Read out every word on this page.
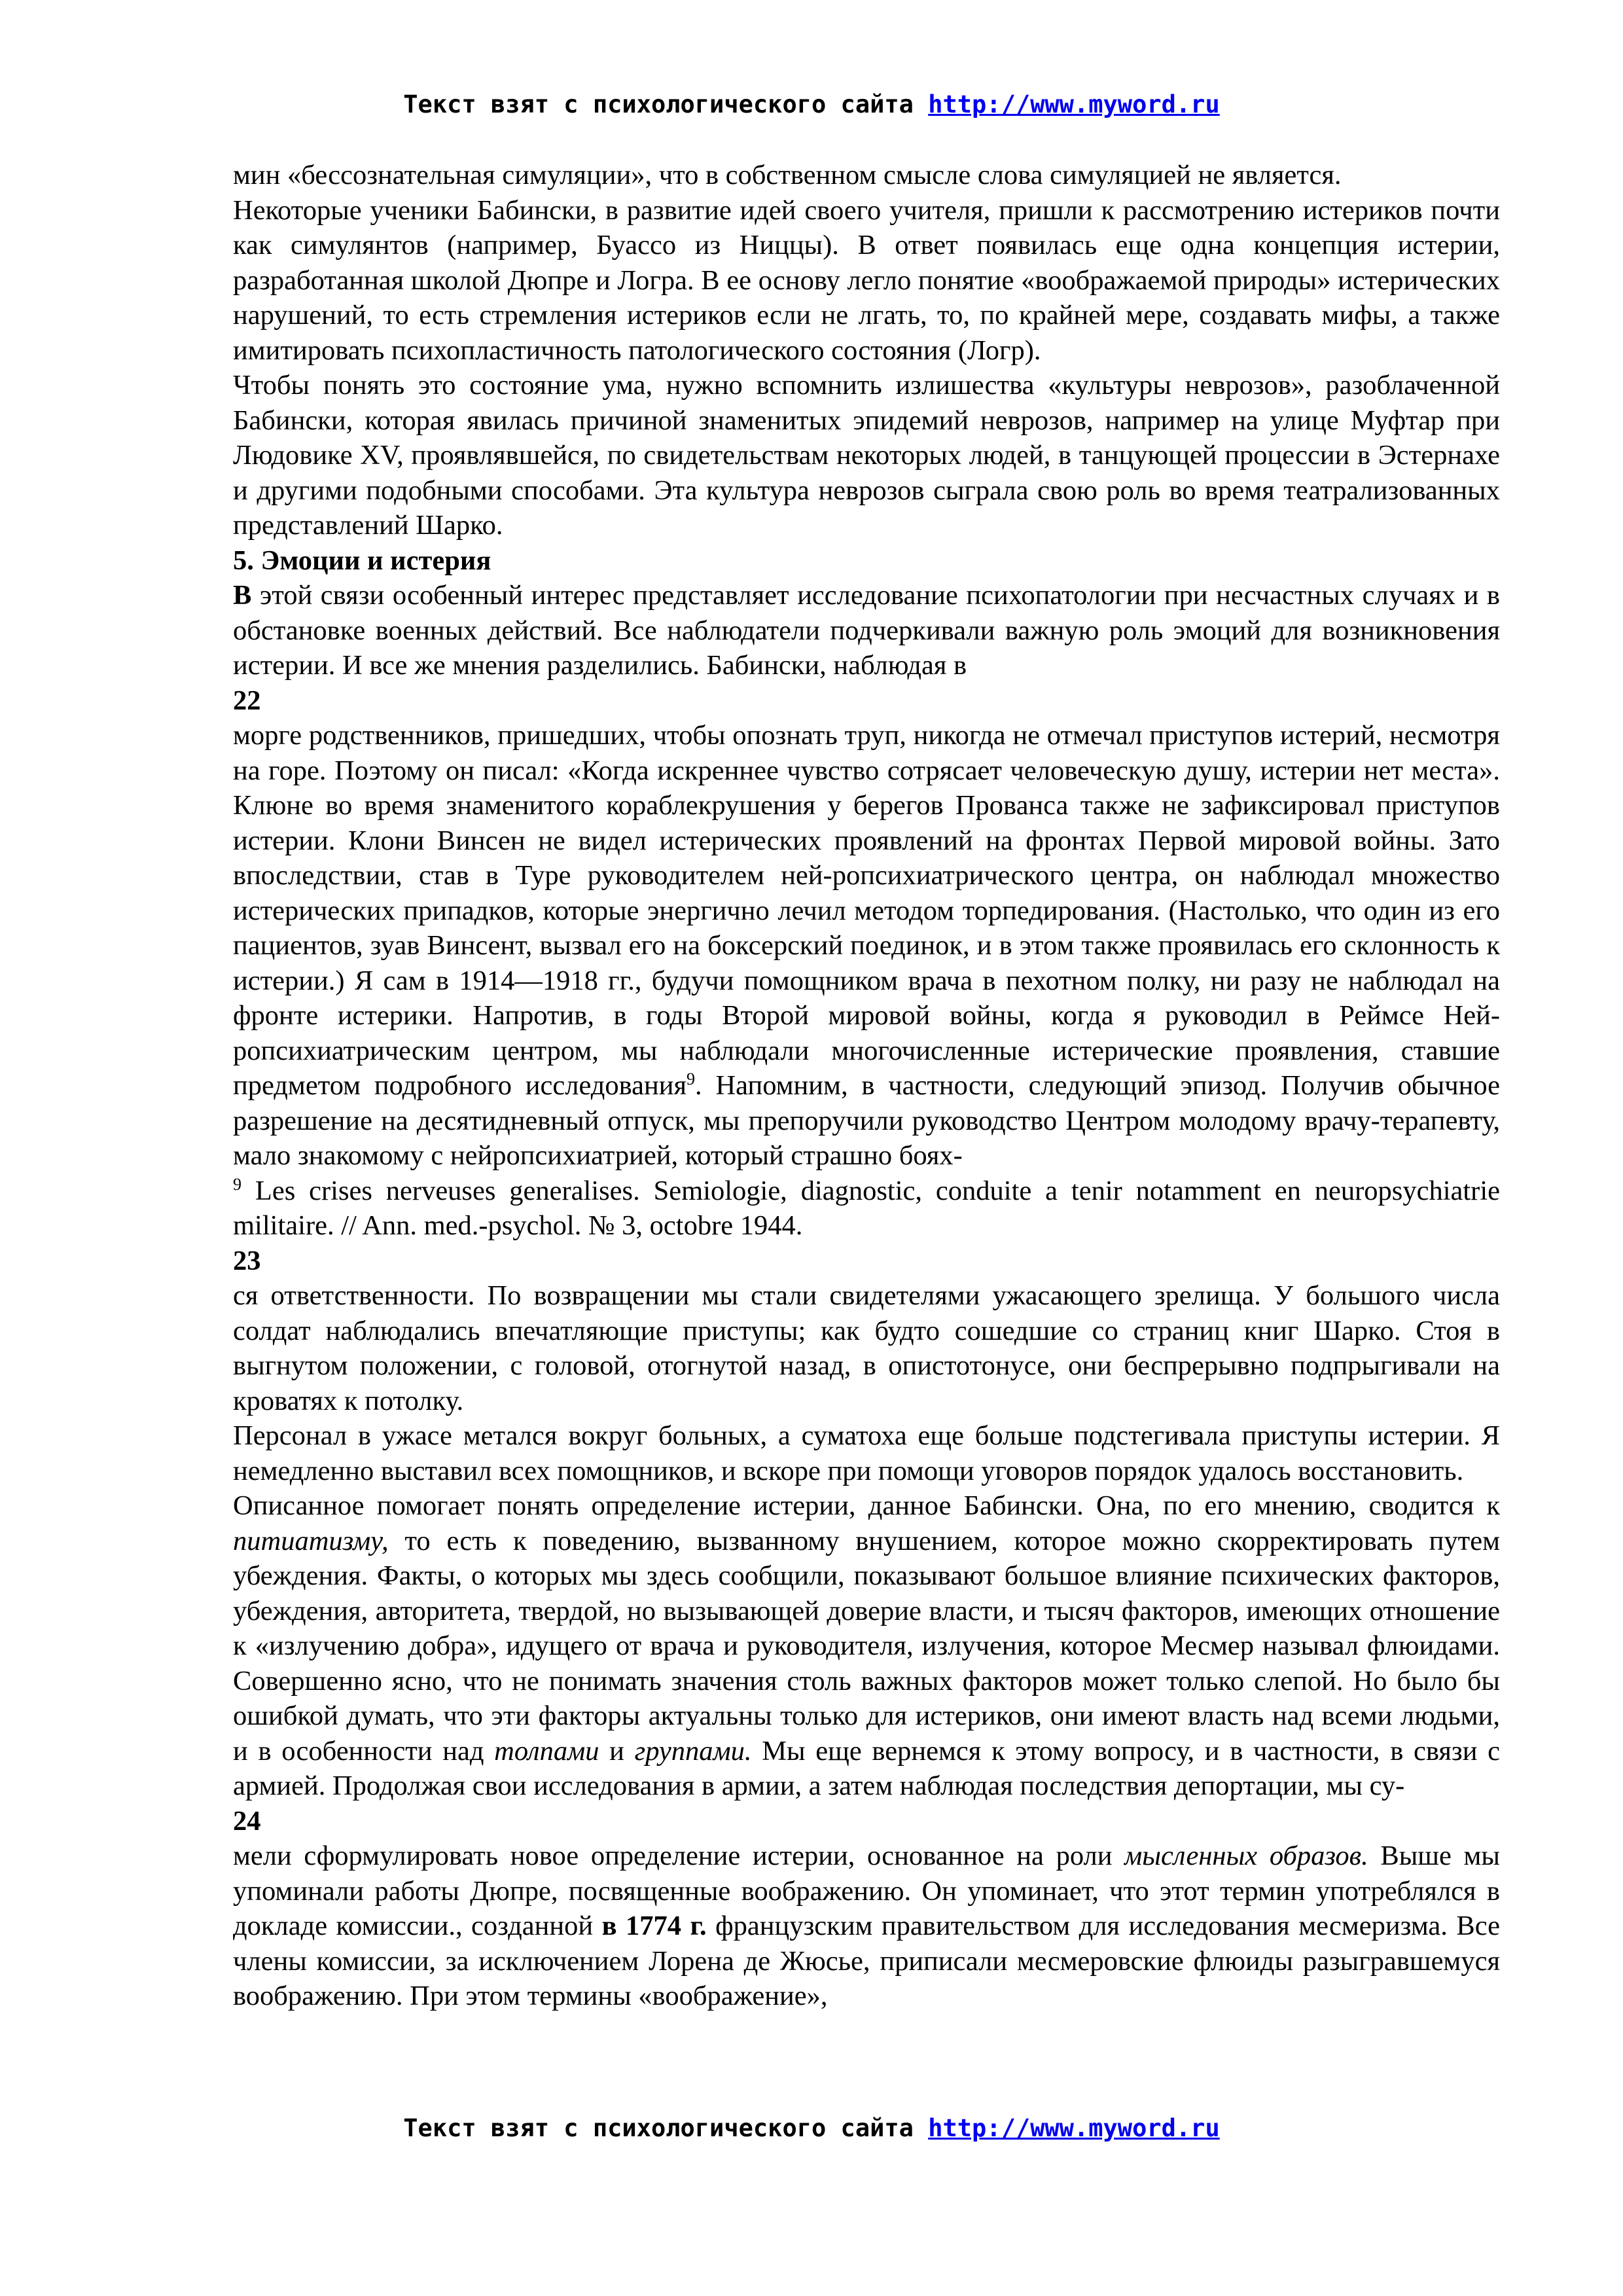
Текст взят с психологического сайта http://www.myword.ru

мин «бессознательная симуляции», что в собственном смысле слова симуляцией не является.

Некоторые ученики Бабински, в развитие идей своего учителя, пришли к рассмотрению истериков почти как симулянтов (например, Буассо из Ниццы). В ответ появилась еще одна концепция истерии, разработанная школой Дюпре и Логра. В ее основу легло понятие «воображаемой природы» истерических нарушений, то есть стремления истериков если не лгать, то, по крайней мере, создавать мифы, а также имитировать психопластичность патологического состояния (Логр).

Чтобы понять это состояние ума, нужно вспомнить излишества «культуры неврозов», разоблаченной Бабински, которая явилась причиной знаменитых эпидемий неврозов, например на улице Муфтар при Людовике XV, проявлявшейся, по свидетельствам некоторых людей, в танцующей процессии в Эстернахе и другими подобными способами. Эта культура неврозов сыграла свою роль во время театрализованных представлений Шарко.

5. Эмоции и истерия

В этой связи особенный интерес представляет исследование психопатологии при несчастных случаях и в обстановке военных действий. Все наблюдатели подчеркивали важную роль эмоций для возникновения истерии. И все же мнения разделились. Бабински, наблюдая в

22

морге родственников, пришедших, чтобы опознать труп, никогда не отмечал приступов истерий, несмотря на горе. Поэтому он писал: «Когда искреннее чувство сотрясает человеческую душу, истерии нет места». Клюне во время знаменитого кораблекрушения у берегов Прованса также не зафиксировал приступов истерии. Клони Винсен не видел истерических проявлений на фронтах Первой мировой войны. Зато впоследствии, став в Туре руководителем ней-ропсихиатрического центра, он наблюдал множество истерических припадков, которые энергично лечил методом торпедирования. (Настолько, что один из его пациентов, зуав Винсент, вызвал его на боксерский поединок, и в этом также проявилась его склонность к истерии.) Я сам в 1914—1918 гг., будучи помощником врача в пехотном полку, ни разу не наблюдал на фронте истерики. Напротив, в годы Второй мировой войны, когда я руководил в Реймсе Ней-ропсихиатрическим центром, мы наблюдали многочисленные истерические проявления, ставшие предметом подробного исследования$^9$. Напомним, в частности, следующий эпизод. Получив обычное разрешение на десятидневный отпуск, мы препоручили руководство Центром молодому врачу-терапевту, мало знакомому с нейропсихиатрией, который страшно боях-

$^9$ Les crises nerveuses generalises. Semiologie, diagnostic, conduite a tenir notamment en neuropsychiatrie militaire. // Ann. med.-psychol. № 3, octobre 1944.

23

ся ответственности. По возвращении мы стали свидетелями ужасающего зрелища. У большого числа солдат наблюдались впечатляющие приступы; как будто сошедшие со страниц книг Шарко. Стоя в выгнутом положении, с головой, отогнутой назад, в опистотонусе, они беспрерывно подпрыгивали на кроватях к потолку.

Персонал в ужасе метался вокруг больных, а суматоха еще больше подстегивала приступы истерии. Я немедленно выставил всех помощников, и вскоре при помощи уговоров порядок удалось восстановить.

Описанное помогает понять определение истерии, данное Бабински. Она, по его мнению, сводится к питиатизму, то есть к поведению, вызванному внушением, которое можно скорректировать путем убеждения. Факты, о которых мы здесь сообщили, показывают большое влияние психических факторов, убеждения, авторитета, твердой, но вызывающей доверие власти, и тысяч факторов, имеющих отношение к «излучению добра», идущего от врача и руководителя, излучения, которое Месмер называл флюидами. Совершенно ясно, что не понимать значения столь важных факторов может только слепой. Но было бы ошибкой думать, что эти факторы актуальны только для истериков, они имеют власть над всеми людьми, и в особенности над толпами и группами. Мы еще вернемся к этому вопросу, и в частности, в связи с армией. Продолжая свои исследования в армии, а затем наблюдая последствия депортации, мы су-

24

мели сформулировать новое определение истерии, основанное на роли мысленных образов. Выше мы упоминали работы Дюпре, посвященные воображению. Он упоминает, что этот термин употреблялся в докладе комиссии., созданной в 1774 г. французским правительством для исследования месмеризма. Все члены комиссии, за исключением Лорена де Жюсье, приписали месмеровские флюиды разыгравшемуся воображению. При этом термины «воображение»,

Текст взят с психологического сайта http://www.myword.ru
